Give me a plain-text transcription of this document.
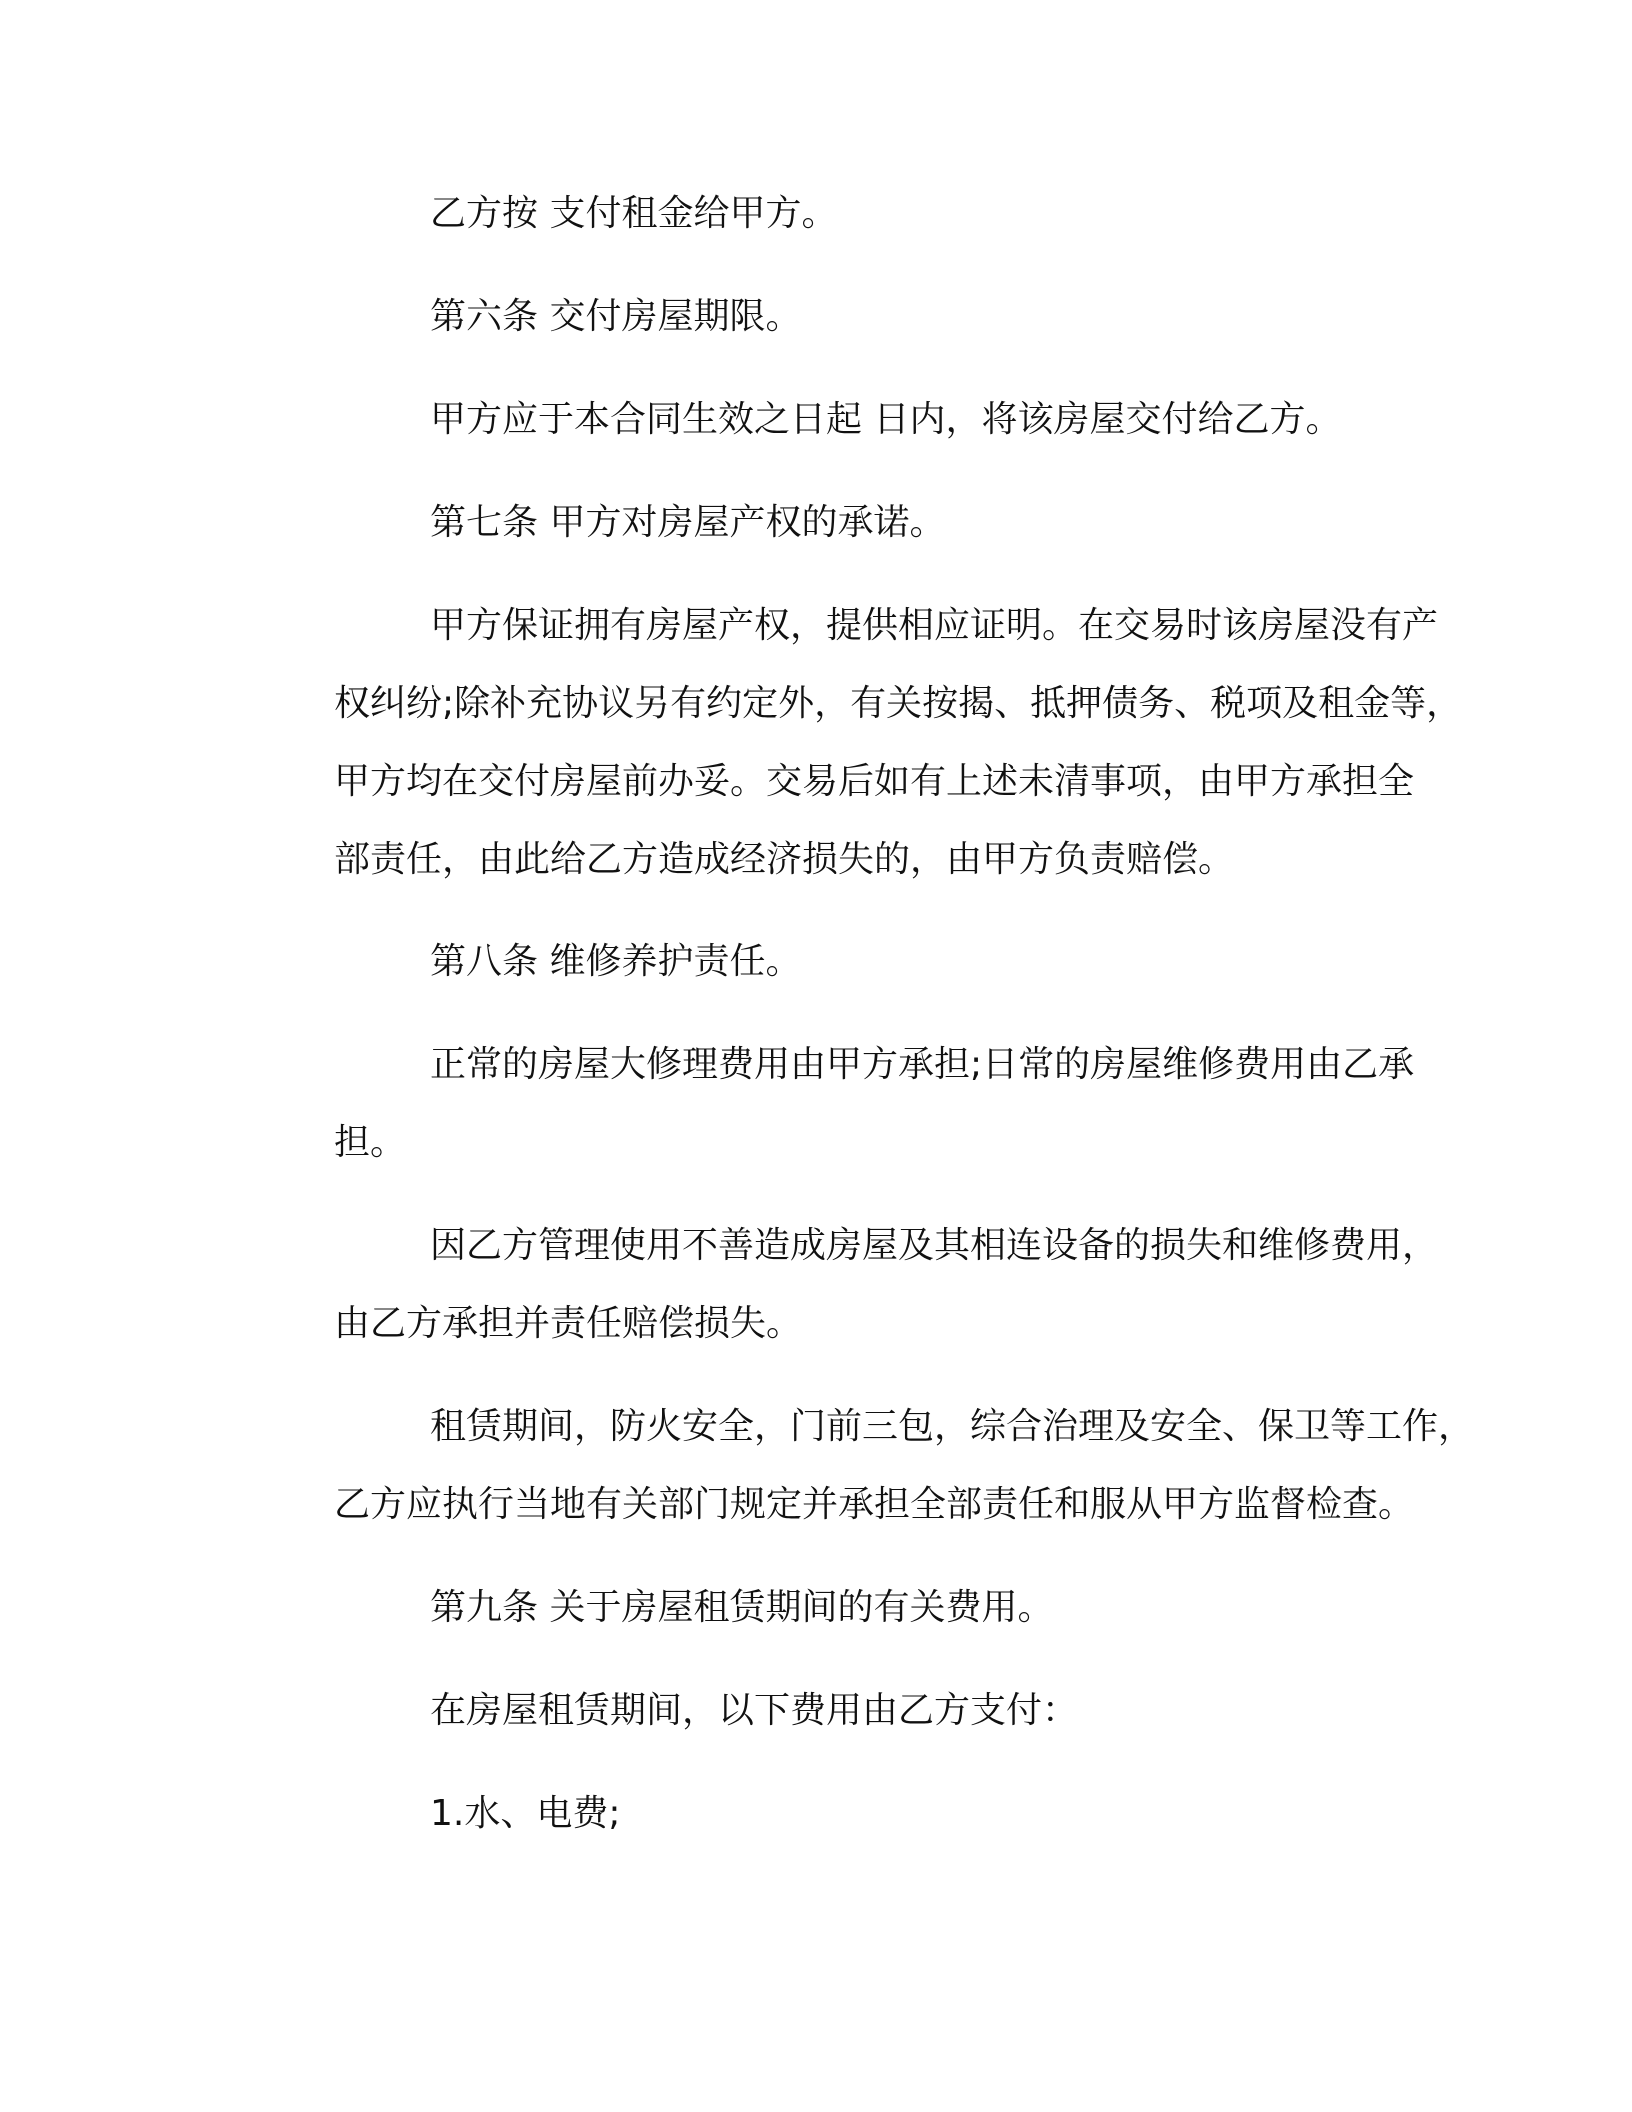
乙方按 支付租金给甲方。
第六条 交付房屋期限。
甲方应于本合同生效之日起 日内，将该房屋交付给乙方。
第七条 甲方对房屋产权的承诺。
甲方保证拥有房屋产权，提供相应证明。在交易时该房屋没有产
权纠纷;除补充协议另有约定外，有关按揭、抵押债务、税项及租金等，
甲方均在交付房屋前办妥。交易后如有上述未清事项，由甲方承担全
部责任，由此给乙方造成经济损失的，由甲方负责赔偿。
第八条 维修养护责任。
正常的房屋大修理费用由甲方承担;日常的房屋维修费用由乙承
担。
因乙方管理使用不善造成房屋及其相连设备的损失和维修费用，
由乙方承担并责任赔偿损失。
租赁期间，防火安全，门前三包，综合治理及安全、保卫等工作，
乙方应执行当地有关部门规定并承担全部责任和服从甲方监督检查。
第九条 关于房屋租赁期间的有关费用。
在房屋租赁期间，以下费用由乙方支付：
1.水、电费;
